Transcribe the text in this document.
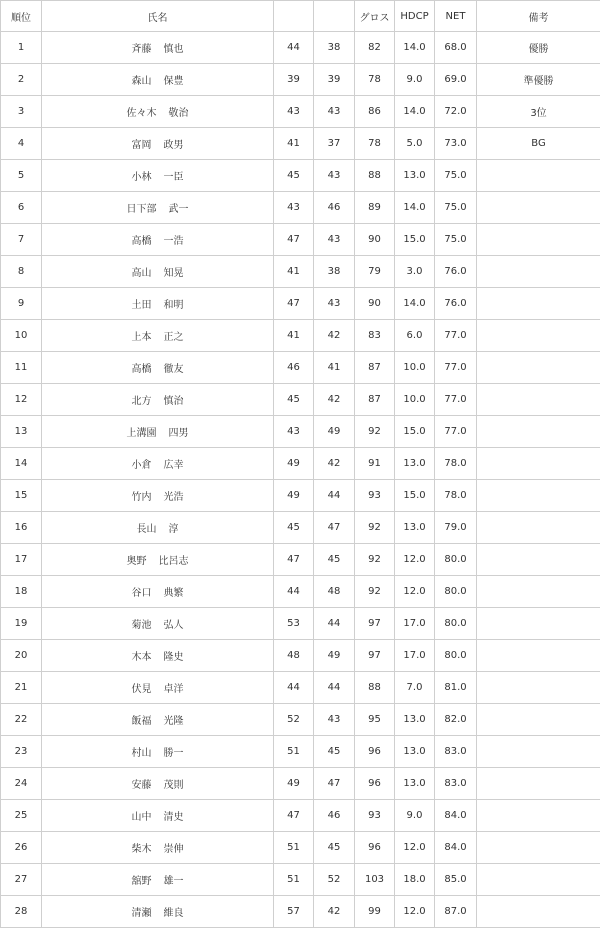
順位	氏名			グロス	HDCP	NET	備考
1	斉藤 慎也	44	38	82	14.0	68.0	優勝
2	森山 保豊	39	39	78	9.0	69.0	準優勝
3	佐々木 敬治	43	43	86	14.0	72.0	3位
4	富岡 政男	41	37	78	5.0	73.0	BG
5	小林 一臣	45	43	88	13.0	75.0	
6	日下部 武一	43	46	89	14.0	75.0	
7	高橋 一浩	47	43	90	15.0	75.0	
8	高山 知晃	41	38	79	3.0	76.0	
9	土田 和明	47	43	90	14.0	76.0	
10	上本 正之	41	42	83	6.0	77.0	
11	高橋 徹友	46	41	87	10.0	77.0	
12	北方 慎治	45	42	87	10.0	77.0	
13	上溝園 四男	43	49	92	15.0	77.0	
14	小倉 広幸	49	42	91	13.0	78.0	
15	竹内 光浩	49	44	93	15.0	78.0	
16	長山 淳	45	47	92	13.0	79.0	
17	奥野 比呂志	47	45	92	12.0	80.0	
18	谷口 典繁	44	48	92	12.0	80.0	
19	菊池 弘人	53	44	97	17.0	80.0	
20	木本 隆史	48	49	97	17.0	80.0	
21	伏見 卓洋	44	44	88	7.0	81.0	
22	飯福 光隆	52	43	95	13.0	82.0	
23	村山 勝一	51	45	96	13.0	83.0	
24	安藤 茂則	49	47	96	13.0	83.0	
25	山中 清史	47	46	93	9.0	84.0	
26	柴木 崇伸	51	45	96	12.0	84.0	
27	舘野 雄一	51	52	103	18.0	85.0	
28	清瀬 維良	57	42	99	12.0	87.0	
